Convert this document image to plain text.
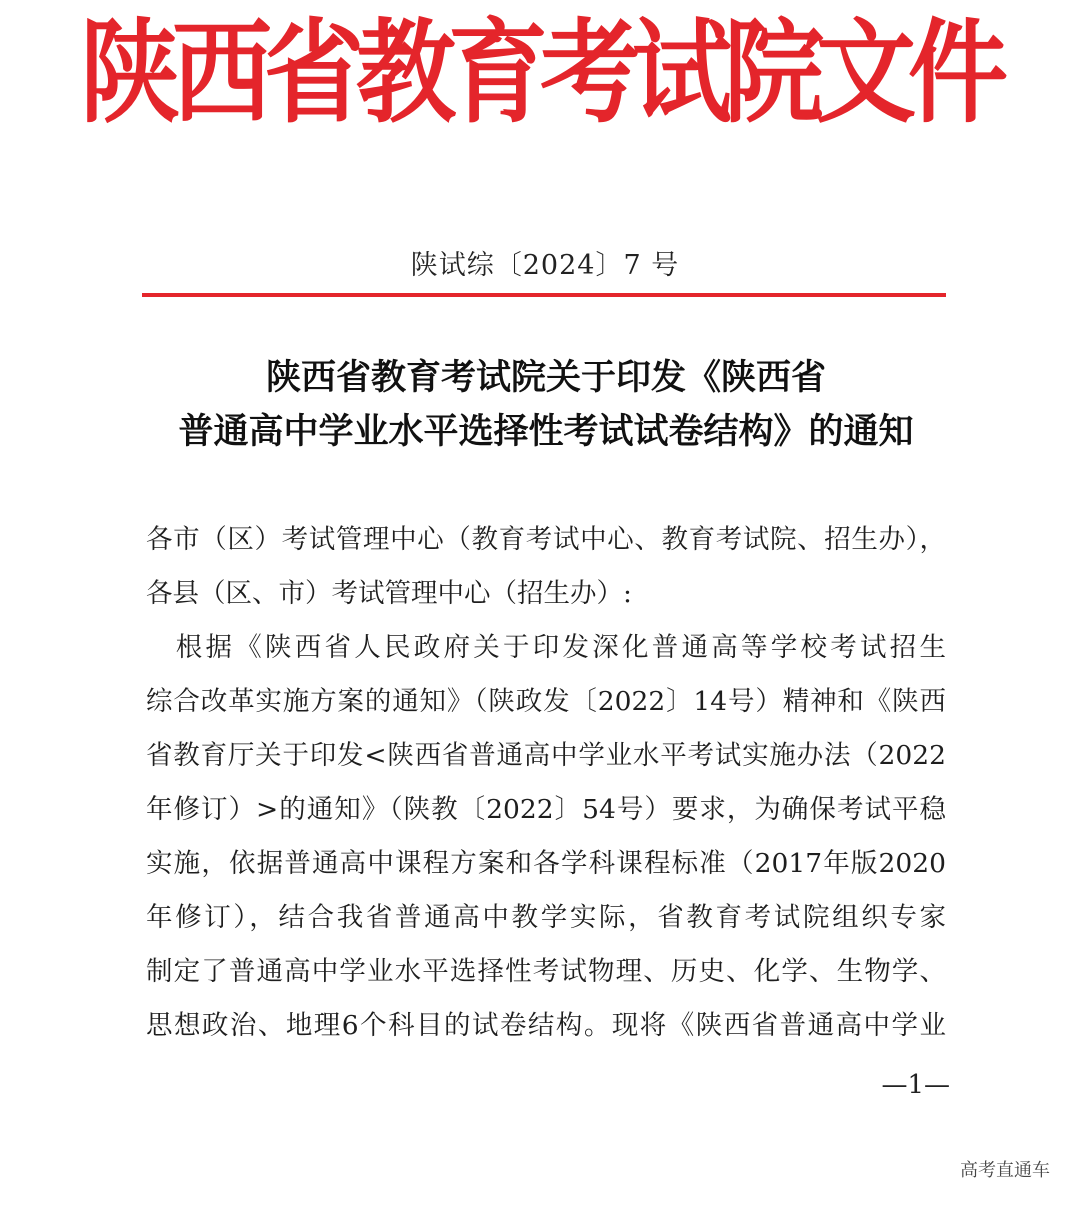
陕西省教育考试院文件
陕试综〔2024〕7 号
陕西省教育考试院关于印发《陕西省
普通高中学业水平选择性考试试卷结构》的通知
各市（区）考试管理中心（教育考试中心、教育考试院、招生办），
各县（区、市）考试管理中心（招生办）:
　根据《陕西省人民政府关于印发深化普通高等学校考试招生
综合改革实施方案的通知》（陕政发〔2022〕14号）精神和《陕西
省教育厅关于印发<陕西省普通高中学业水平考试实施办法（2022
年修订）>的通知》（陕教〔2022〕54号）要求，为确保考试平稳
实施，依据普通高中课程方案和各学科课程标准（2017年版2020
年修订），结合我省普通高中教学实际，省教育考试院组织专家
制定了普通高中学业水平选择性考试物理、历史、化学、生物学、
思想政治、地理6个科目的试卷结构。现将《陕西省普通高中学业
—1—
高考直通车
